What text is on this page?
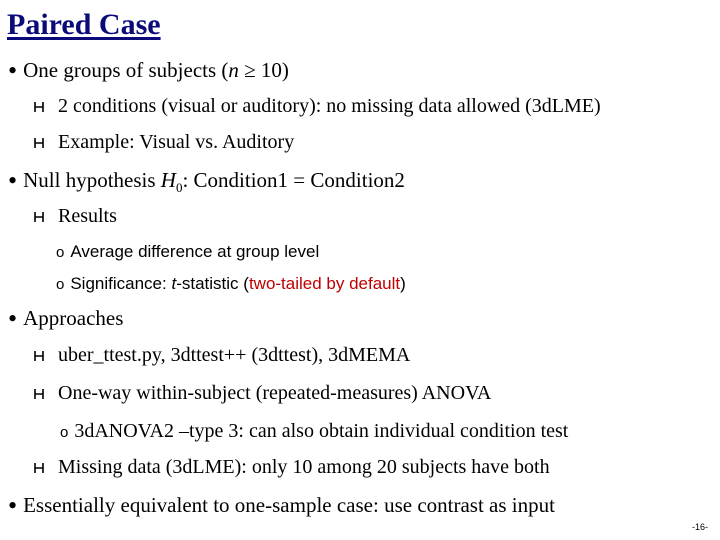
Paired Case
• One groups of subjects (n ≥ 10)
2 conditions (visual or auditory): no missing data allowed (3dLME)
Example: Visual vs. Auditory
• Null hypothesis $H_0$: Condition1 = Condition2
Results
o Average difference at group level
o Significance: t-statistic (two-tailed by default)
• Approaches
uber_ttest.py, 3dttest++ (3dttest), 3dMEMA
One-way within-subject (repeated-measures) ANOVA
o 3dANOVA2 –type 3: can also obtain individual condition test
Missing data (3dLME): only 10 among 20 subjects have both
• Essentially equivalent to one-sample case: use contrast as input
-16-
